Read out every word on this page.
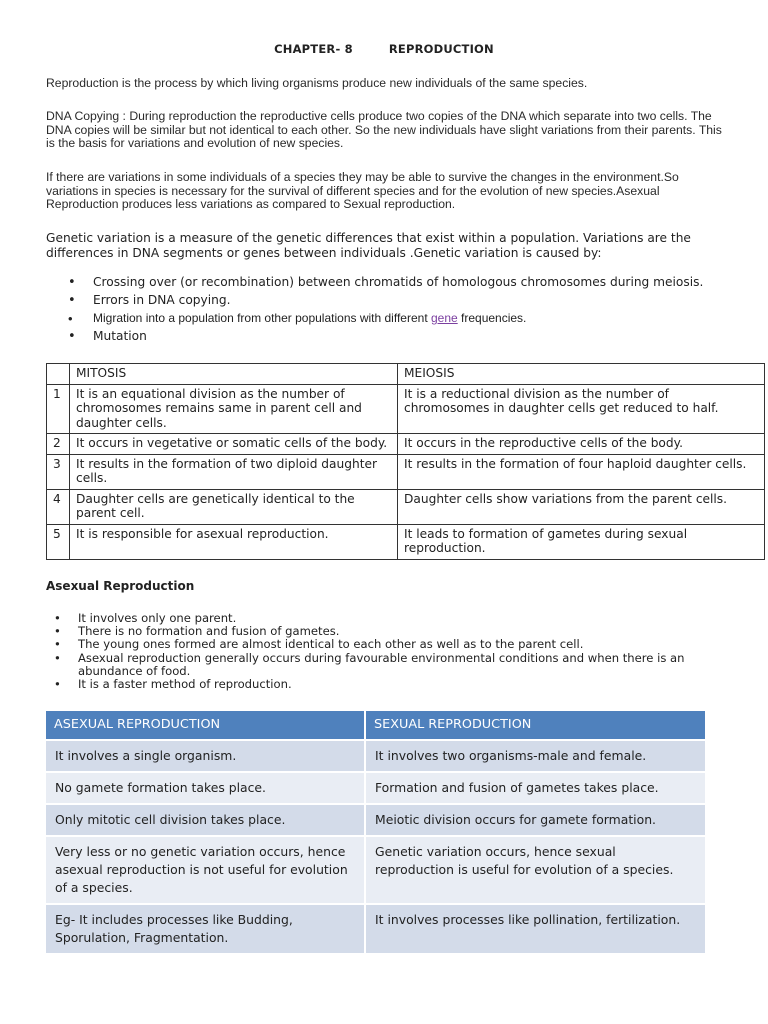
CHAPTER- 8	REPRODUCTION
Reproduction is the process by which living organisms produce new individuals of the same species.
DNA Copying : During reproduction the reproductive cells produce two copies of the DNA which separate into two cells. The DNA copies will be similar but not identical to each other. So the new individuals have slight variations from their parents. This is the basis for variations and evolution of new species.
If there are variations in some individuals of a species they may be able to survive the changes in the environment.So variations in species is necessary for the survival of different species and for the evolution of new species.Asexual Reproduction produces less variations as compared to Sexual reproduction.
Genetic variation is a measure of the genetic differences that exist within a population. Variations are the differences in DNA segments or genes between individuals .Genetic variation is caused by:
• Crossing over (or recombination) between chromatids of homologous chromosomes during meiosis.
• Errors in DNA copying.
• Migration into a population from other populations with different gene frequencies.
• Mutation
	MITOSIS	MEIOSIS
1	It is an equational division as the number of chromosomes remains same in parent cell and daughter cells.	It is a reductional division as the number of chromosomes in daughter cells get reduced to half.
2	It occurs in vegetative or somatic cells of the body.	It occurs in the reproductive cells of the body.
3	It results in the formation of two diploid daughter cells.	It results in the formation of four haploid daughter cells.
4	Daughter cells are genetically identical to the parent cell.	Daughter cells show variations from the parent cells.
5	It is responsible for asexual reproduction.	It leads to formation of gametes during sexual reproduction.
Asexual Reproduction
• It involves only one parent.
• There is no formation and fusion of gametes.
• The young ones formed are almost identical to each other as well as to the parent cell.
• Asexual reproduction generally occurs during favourable environmental conditions and when there is an abundance of food.
• It is a faster method of reproduction.
ASEXUAL REPRODUCTION	SEXUAL REPRODUCTION
It involves a single organism.	It involves two organisms-male and female.
No gamete formation takes place.	Formation and fusion of gametes takes place.
Only mitotic cell division takes place.	Meiotic division occurs for gamete formation.
Very less or no genetic variation occurs, hence asexual reproduction is not useful for evolution of a species.	Genetic variation occurs, hence sexual reproduction is useful for evolution of a species.
Eg- It includes processes like Budding, Sporulation, Fragmentation.	It involves processes like pollination, fertilization.
